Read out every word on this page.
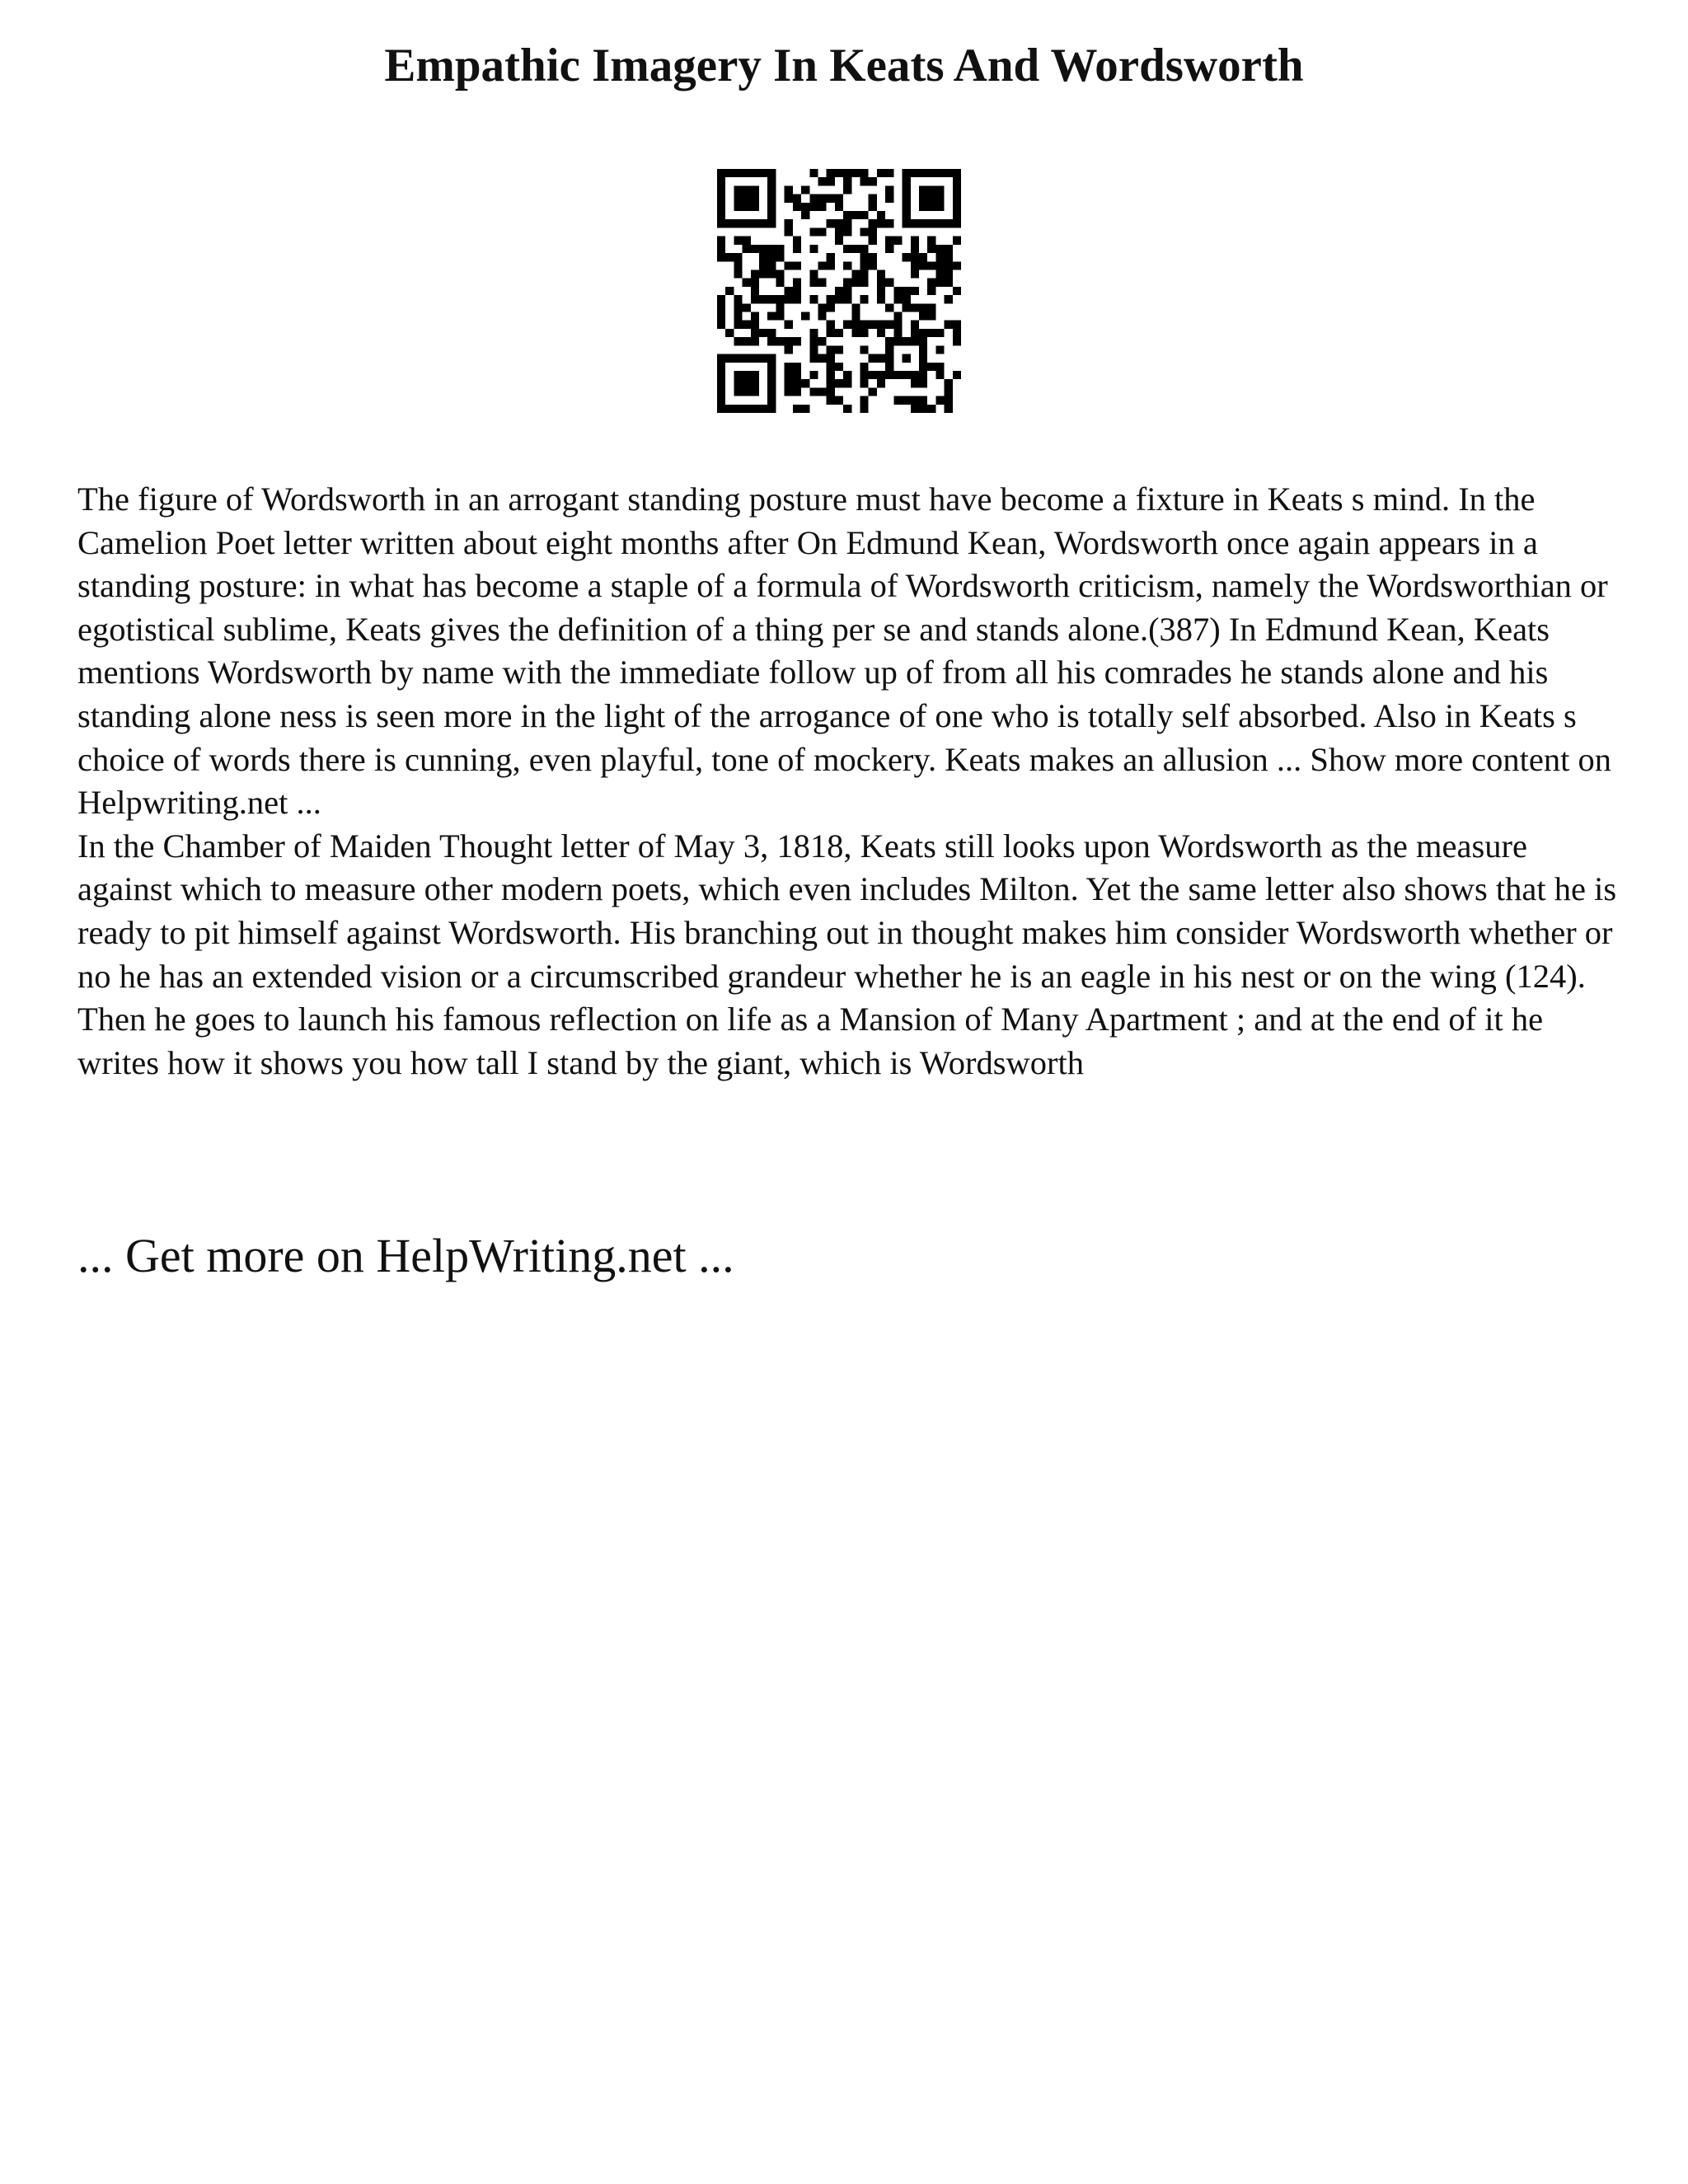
Empathic Imagery In Keats And Wordsworth

The figure of Wordsworth in an arrogant standing posture must have become a fixture in Keats s mind. In the Camelion Poet letter written about eight months after On Edmund Kean, Wordsworth once again appears in a standing posture: in what has become a staple of a formula of Wordsworth criticism, namely the Wordsworthian or egotistical sublime, Keats gives the definition of a thing per se and stands alone.(387) In Edmund Kean, Keats mentions Wordsworth by name with the immediate follow up of from all his comrades he stands alone and his standing alone ness is seen more in the light of the arrogance of one who is totally self absorbed. Also in Keats s choice of words there is cunning, even playful, tone of mockery. Keats makes an allusion ... Show more content on Helpwriting.net ...

In the Chamber of Maiden Thought letter of May 3, 1818, Keats still looks upon Wordsworth as the measure against which to measure other modern poets, which even includes Milton. Yet the same letter also shows that he is ready to pit himself against Wordsworth. His branching out in thought makes him consider Wordsworth whether or no he has an extended vision or a circumscribed grandeur whether he is an eagle in his nest or on the wing (124). Then he goes to launch his famous reflection on life as a Mansion of Many Apartment ; and at the end of it he writes how it shows you how tall I stand by the giant, which is Wordsworth

... Get more on HelpWriting.net ...
